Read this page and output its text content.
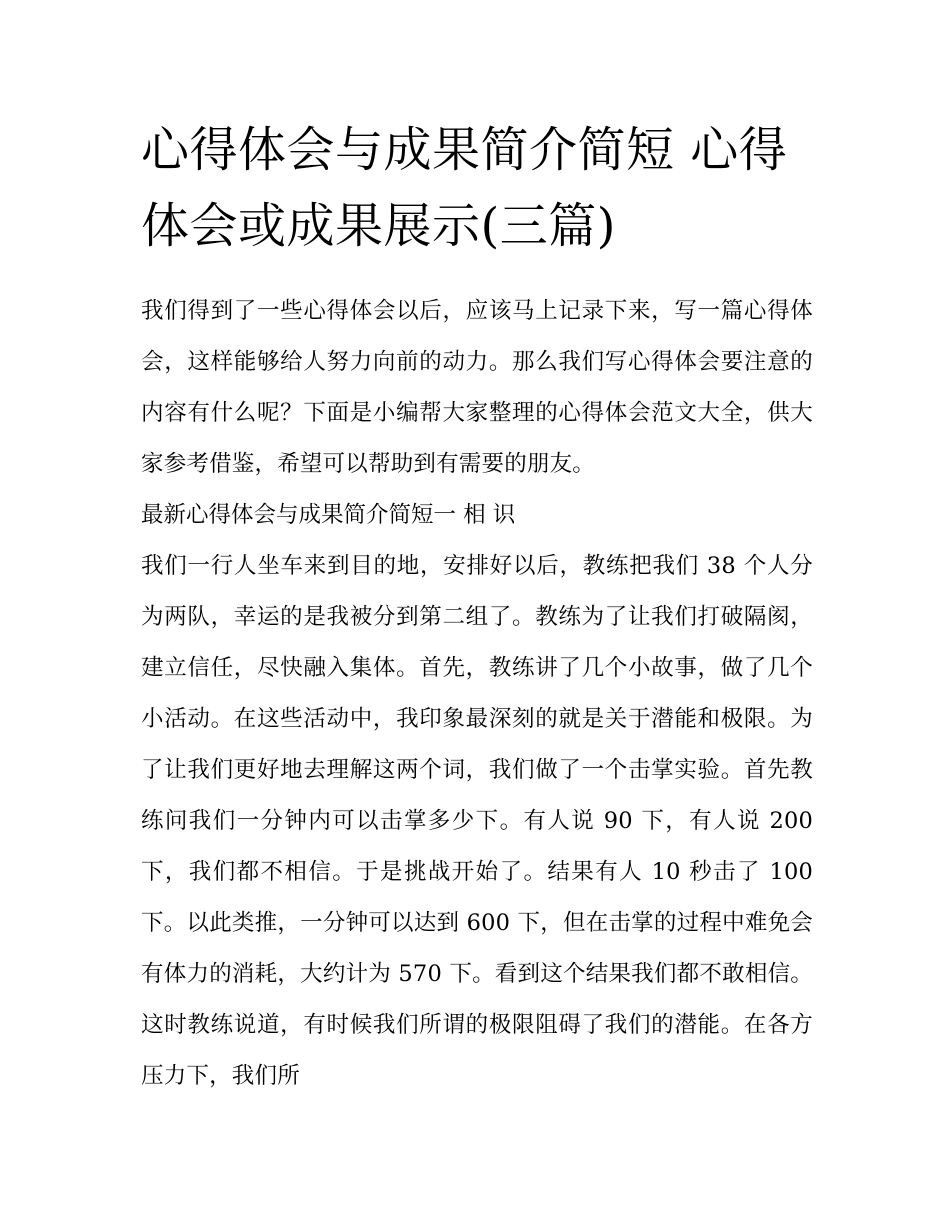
心得体会与成果简介简短 心得体会或成果展示(三篇)

我们得到了一些心得体会以后，应该马上记录下来，写一篇心得体会，这样能够给人努力向前的动力。那么我们写心得体会要注意的内容有什么呢？下面是小编帮大家整理的心得体会范文大全，供大家参考借鉴，希望可以帮助到有需要的朋友。

最新心得体会与成果简介简短一 相 识

我们一行人坐车来到目的地，安排好以后，教练把我们 38 个人分为两队，幸运的是我被分到第二组了。教练为了让我们打破隔阂，建立信任，尽快融入集体。首先，教练讲了几个小故事，做了几个小活动。在这些活动中，我印象最深刻的就是关于潜能和极限。为了让我们更好地去理解这两个词，我们做了一个击掌实验。首先教练问我们一分钟内可以击掌多少下。有人说 90 下，有人说 200 下，我们都不相信。于是挑战开始了。结果有人 10 秒击了 100 下。以此类推，一分钟可以达到 600 下，但在击掌的过程中难免会有体力的消耗，大约计为 570 下。看到这个结果我们都不敢相信。这时教练说道，有时候我们所谓的极限阻碍了我们的潜能。在各方压力下，我们所
